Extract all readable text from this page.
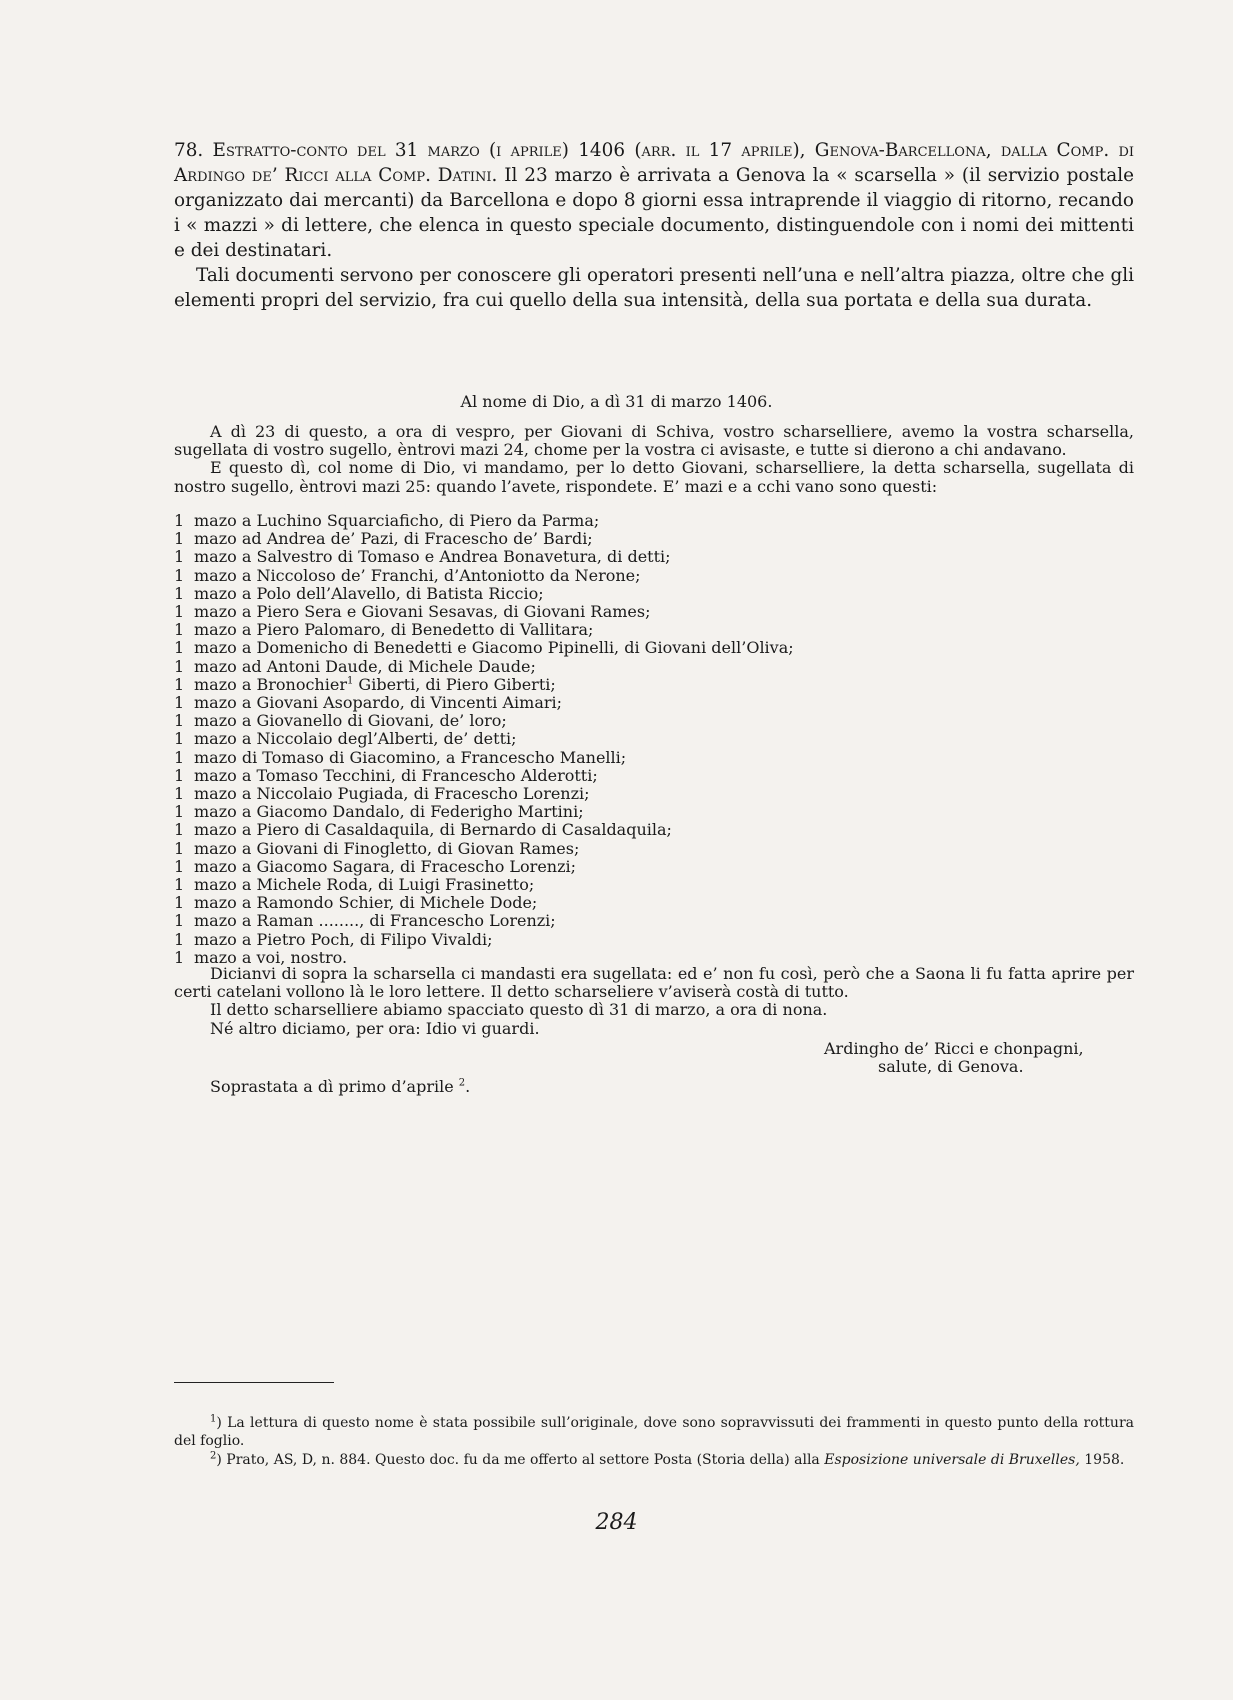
78. Estratto-conto del 31 marzo (i aprile) 1406 (arr. il 17 aprile), Genova-Barcellona, dalla Comp. di Ardingo de’ Ricci alla Comp. Datini. Il 23 marzo è arrivata a Genova la « scarsella » (il servizio postale organizzato dai mercanti) da Barcellona e dopo 8 giorni essa intraprende il viaggio di ritorno, recando i « mazzi » di lettere, che elenca in questo speciale documento, distinguendole con i nomi dei mittenti e dei destinatari.

Tali documenti servono per conoscere gli operatori presenti nell’una e nell’altra piazza, oltre che gli elementi propri del servizio, fra cui quello della sua intensità, della sua portata e della sua durata.

Al nome di Dio, a dì 31 di marzo 1406.

A dì 23 di questo, a ora di vespro, per Giovani di Schiva, vostro scharselliere, avemo la vostra scharsella, sugellata di vostro sugello, èntrovi mazi 24, chome per la vostra ci avisaste, e tutte si dierono a chi andavano.

E questo dì, col nome di Dio, vi mandamo, per lo detto Giovani, scharselliere, la detta scharsella, sugellata di nostro sugello, èntrovi mazi 25: quando l’avete, rispondete. E’ mazi e a cchi vano sono questi:

1 mazo a Luchino Squarciaficho, di Piero da Parma;
1 mazo ad Andrea de’ Pazi, di Fracescho de’ Bardi;
1 mazo a Salvestro di Tomaso e Andrea Bonavetura, di detti;
1 mazo a Niccoloso de’ Franchi, d’Antoniotto da Nerone;
1 mazo a Polo dell’Alavello, di Batista Riccio;
1 mazo a Piero Sera e Giovani Sesavas, di Giovani Rames;
1 mazo a Piero Palomaro, di Benedetto di Vallitara;
1 mazo a Domenicho di Benedetti e Giacomo Pipinelli, di Giovani dell’Oliva;
1 mazo ad Antoni Daude, di Michele Daude;
1 mazo a Bronochier$^1$ Giberti, di Piero Giberti;
1 mazo a Giovani Asopardo, di Vincenti Aimari;
1 mazo a Giovanello di Giovani, de’ loro;
1 mazo a Niccolaio degl’Alberti, de’ detti;
1 mazo di Tomaso di Giacomino, a Francescho Manelli;
1 mazo a Tomaso Tecchini, di Francescho Alderotti;
1 mazo a Niccolaio Pugiada, di Fracescho Lorenzi;
1 mazo a Giacomo Dandalo, di Federigho Martini;
1 mazo a Piero di Casaldaquila, di Bernardo di Casaldaquila;
1 mazo a Giovani di Finogletto, di Giovan Rames;
1 mazo a Giacomo Sagara, di Fracescho Lorenzi;
1 mazo a Michele Roda, di Luigi Frasinetto;
1 mazo a Ramondo Schier, di Michele Dode;
1 mazo a Raman ........, di Francescho Lorenzi;
1 mazo a Pietro Poch, di Filipo Vivaldi;
1 mazo a voi, nostro.

Dicianvi di sopra la scharsella ci mandasti era sugellata: ed e’ non fu così, però che a Saona li fu fatta aprire per certi catelani vollono là le loro lettere. Il detto scharseliere v’aviserà costà di tutto.

Il detto scharselliere abiamo spacciato questo dì 31 di marzo, a ora di nona.

Né altro diciamo, per ora: Idio vi guardi.

Ardingho de’ Ricci e chonpagni,
salute, di Genova.
Soprastata a dì primo d’aprile $^2$.

$^1$) La lettura di questo nome è stata possibile sull’originale, dove sono sopravvissuti dei frammenti in questo punto della rottura del foglio.

$^2$) Prato, AS, D, n. 884. Questo doc. fu da me offerto al settore Posta (Storia della) alla Esposizione universale di Bruxelles, 1958.

284
